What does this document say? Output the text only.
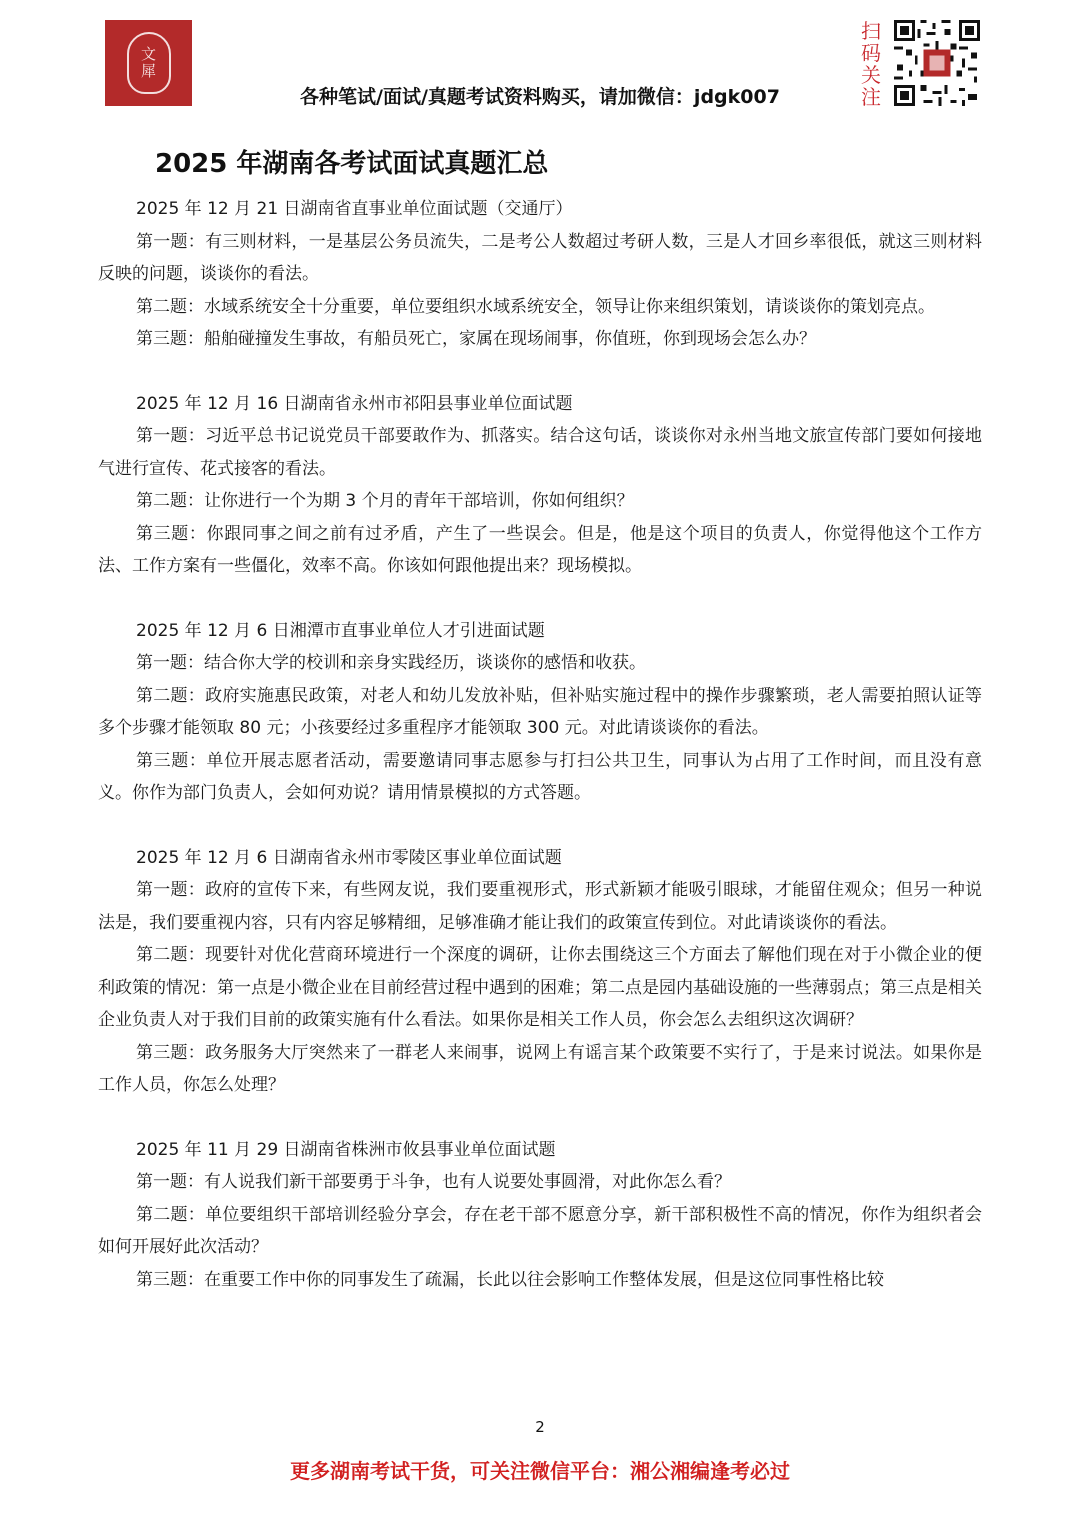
文
犀
各种笔试/面试/真题考试资料购买，请加微信：jdgk007
扫
码
关
注
2025 年湖南各考试面试真题汇总
2025 年 12 月 21 日湖南省直事业单位面试题（交通厅）

第一题：有三则材料，一是基层公务员流失，二是考公人数超过考研人数，三是人才回乡率很低，就这三则材料反映的问题，谈谈你的看法。

第二题：水域系统安全十分重要，单位要组织水域系统安全，领导让你来组织策划，请谈谈你的策划亮点。

第三题：船舶碰撞发生事故，有船员死亡，家属在现场闹事，你值班，你到现场会怎么办？

2025 年 12 月 16 日湖南省永州市祁阳县事业单位面试题

第一题：习近平总书记说党员干部要敢作为、抓落实。结合这句话，谈谈你对永州当地文旅宣传部门要如何接地气进行宣传、花式接客的看法。

第二题：让你进行一个为期 3 个月的青年干部培训，你如何组织？

第三题：你跟同事之间之前有过矛盾，产生了一些误会。但是，他是这个项目的负责人，你觉得他这个工作方法、工作方案有一些僵化，效率不高。你该如何跟他提出来？现场模拟。

2025 年 12 月 6 日湘潭市直事业单位人才引进面试题

第一题：结合你大学的校训和亲身实践经历，谈谈你的感悟和收获。

第二题：政府实施惠民政策，对老人和幼儿发放补贴，但补贴实施过程中的操作步骤繁琐，老人需要拍照认证等多个步骤才能领取 80 元；小孩要经过多重程序才能领取 300 元。对此请谈谈你的看法。

第三题：单位开展志愿者活动，需要邀请同事志愿参与打扫公共卫生，同事认为占用了工作时间，而且没有意义。你作为部门负责人，会如何劝说？请用情景模拟的方式答题。

2025 年 12 月 6 日湖南省永州市零陵区事业单位面试题

第一题：政府的宣传下来，有些网友说，我们要重视形式，形式新颖才能吸引眼球，才能留住观众；但另一种说法是，我们要重视内容，只有内容足够精细，足够准确才能让我们的政策宣传到位。对此请谈谈你的看法。

第二题：现要针对优化营商环境进行一个深度的调研，让你去围绕这三个方面去了解他们现在对于小微企业的便利政策的情况：第一点是小微企业在目前经营过程中遇到的困难；第二点是园内基础设施的一些薄弱点；第三点是相关企业负责人对于我们目前的政策实施有什么看法。如果你是相关工作人员，你会怎么去组织这次调研？

第三题：政务服务大厅突然来了一群老人来闹事，说网上有谣言某个政策要不实行了，于是来讨说法。如果你是工作人员，你怎么处理？

2025 年 11 月 29 日湖南省株洲市攸县事业单位面试题

第一题：有人说我们新干部要勇于斗争，也有人说要处事圆滑，对此你怎么看？

第二题：单位要组织干部培训经验分享会，存在老干部不愿意分享，新干部积极性不高的情况，你作为组织者会如何开展好此次活动？

第三题：在重要工作中你的同事发生了疏漏，长此以往会影响工作整体发展，但是这位同事性格比较

2
更多湖南考试干货，可关注微信平台：湘公湘编逢考必过
